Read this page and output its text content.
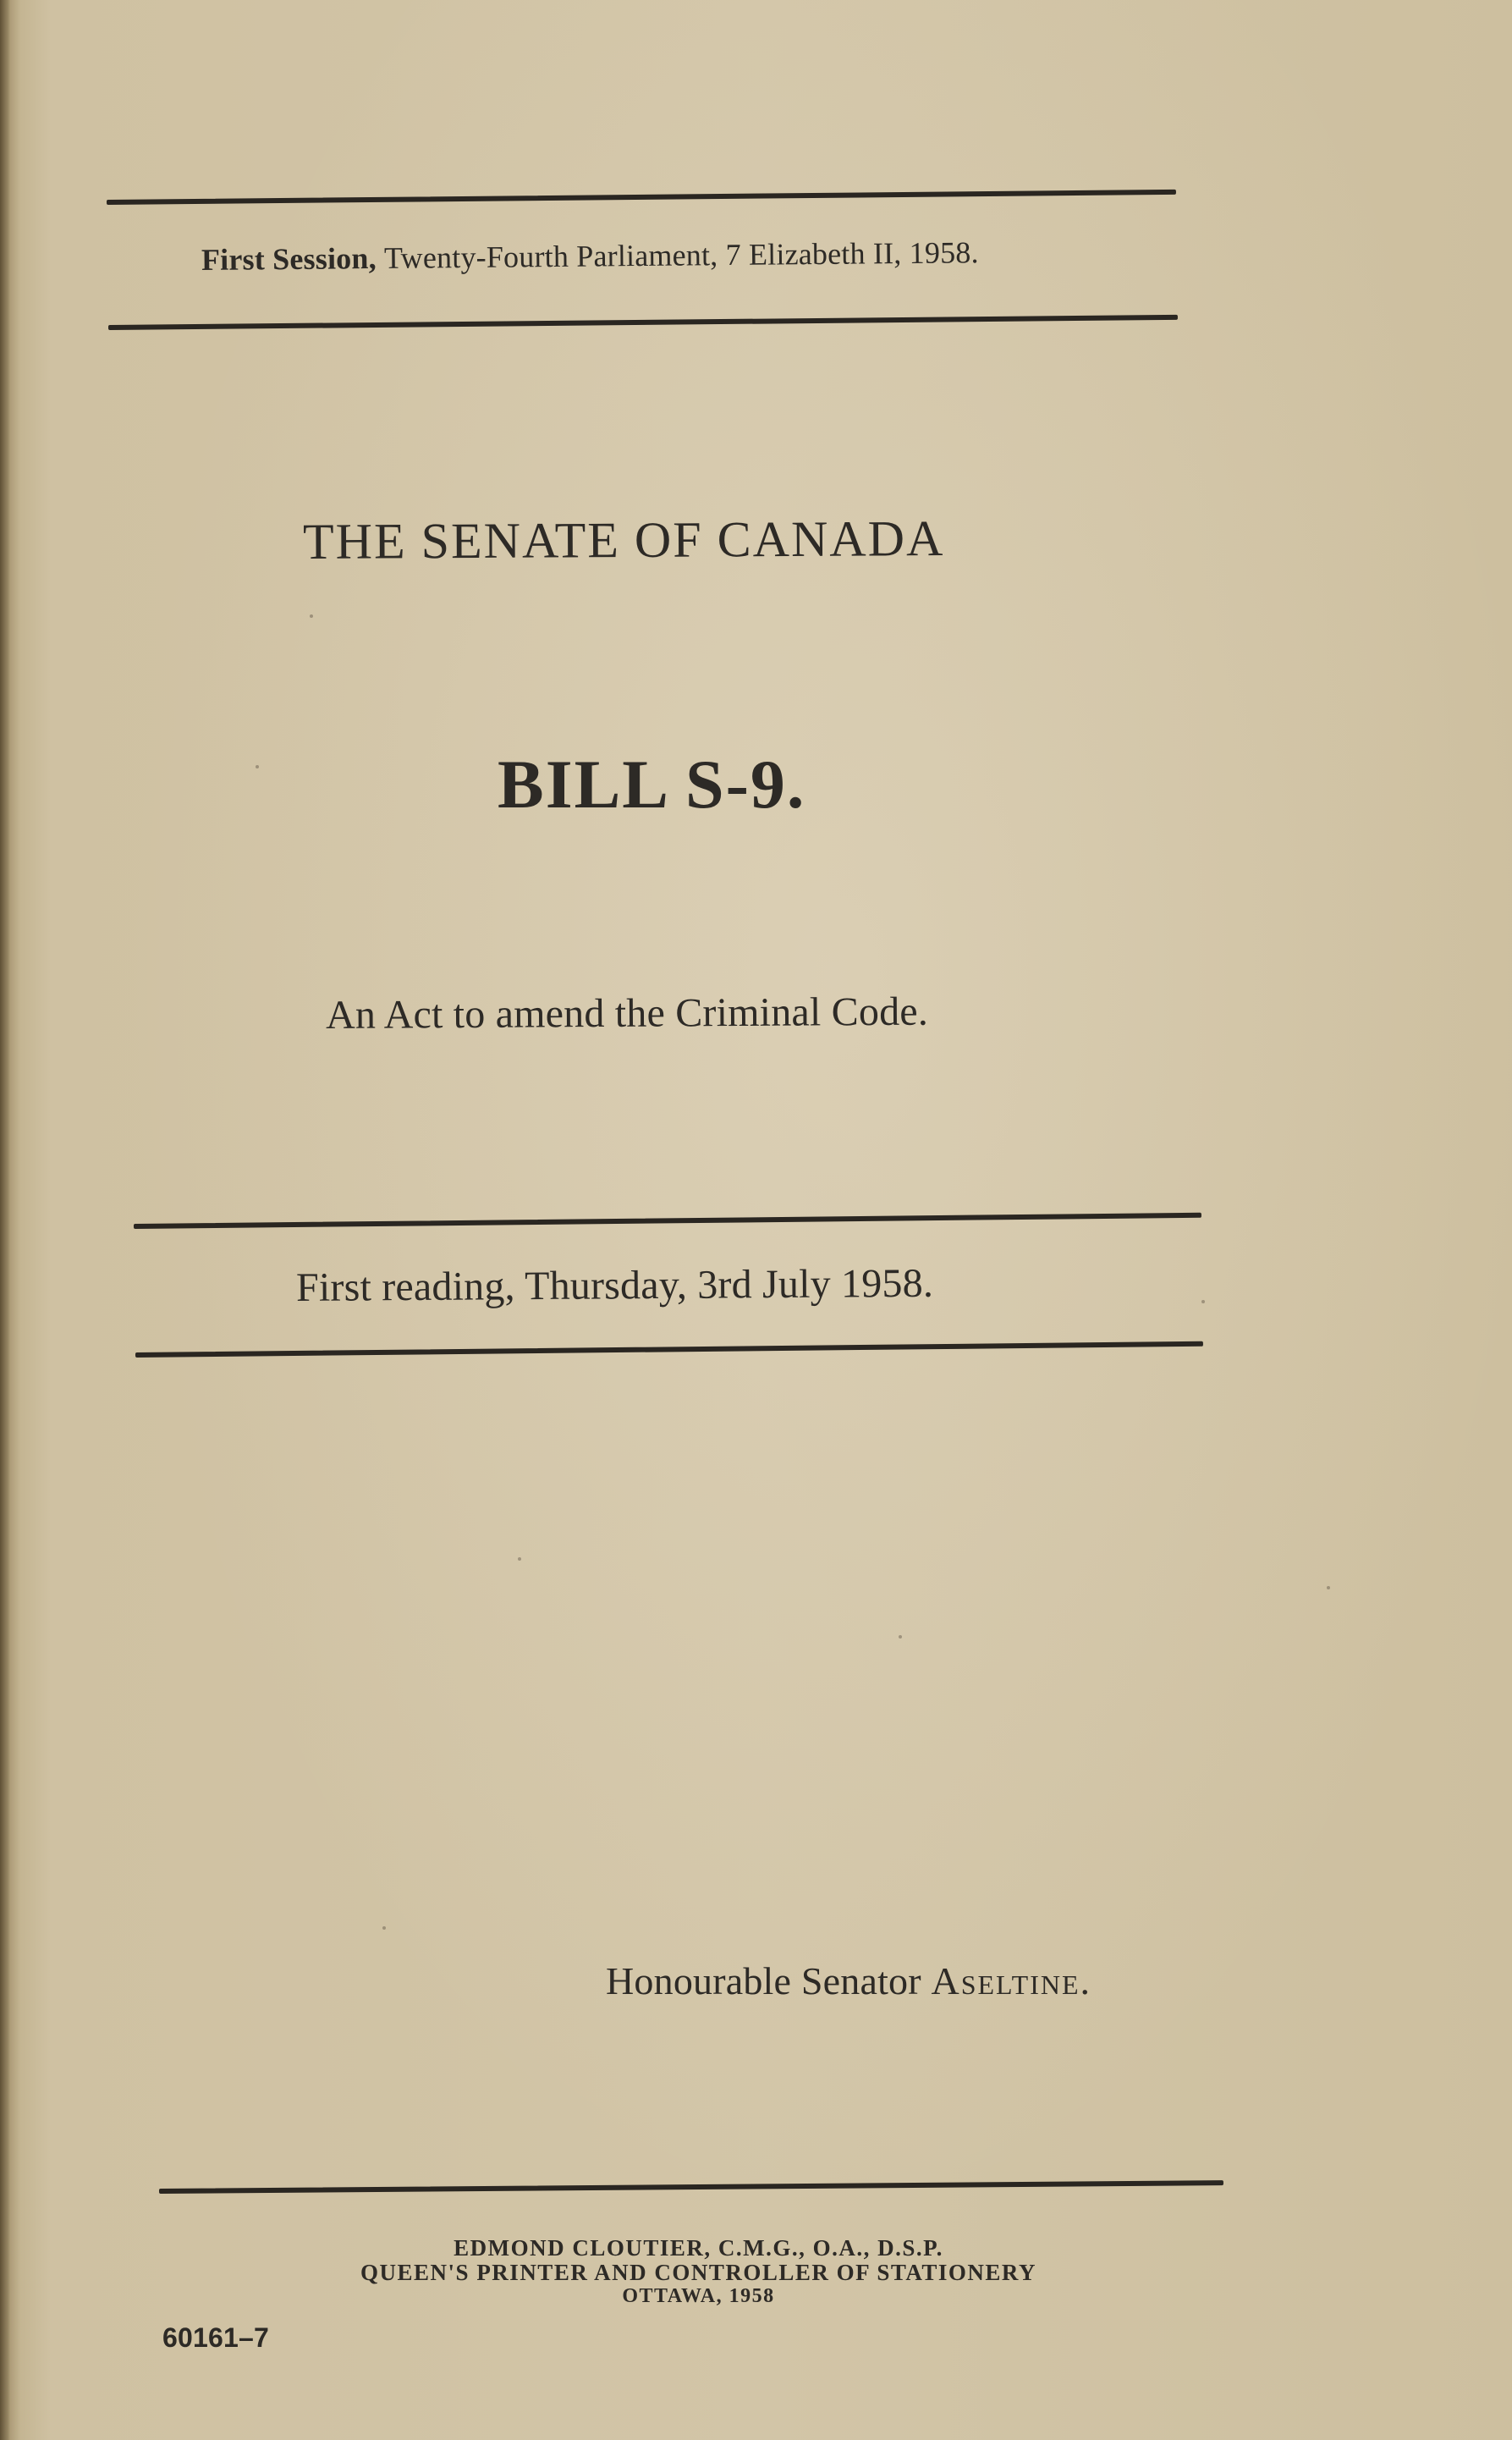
First Session, Twenty-Fourth Parliament, 7 Elizabeth II, 1958.
THE SENATE OF CANADA
BILL S-9.
An Act to amend the Criminal Code.
First reading, Thursday, 3rd July 1958.
Honourable Senator Aseltine.
EDMOND CLOUTIER, C.M.G., O.A., D.S.P.
QUEEN'S PRINTER AND CONTROLLER OF STATIONERY
OTTAWA, 1958
60161–7
